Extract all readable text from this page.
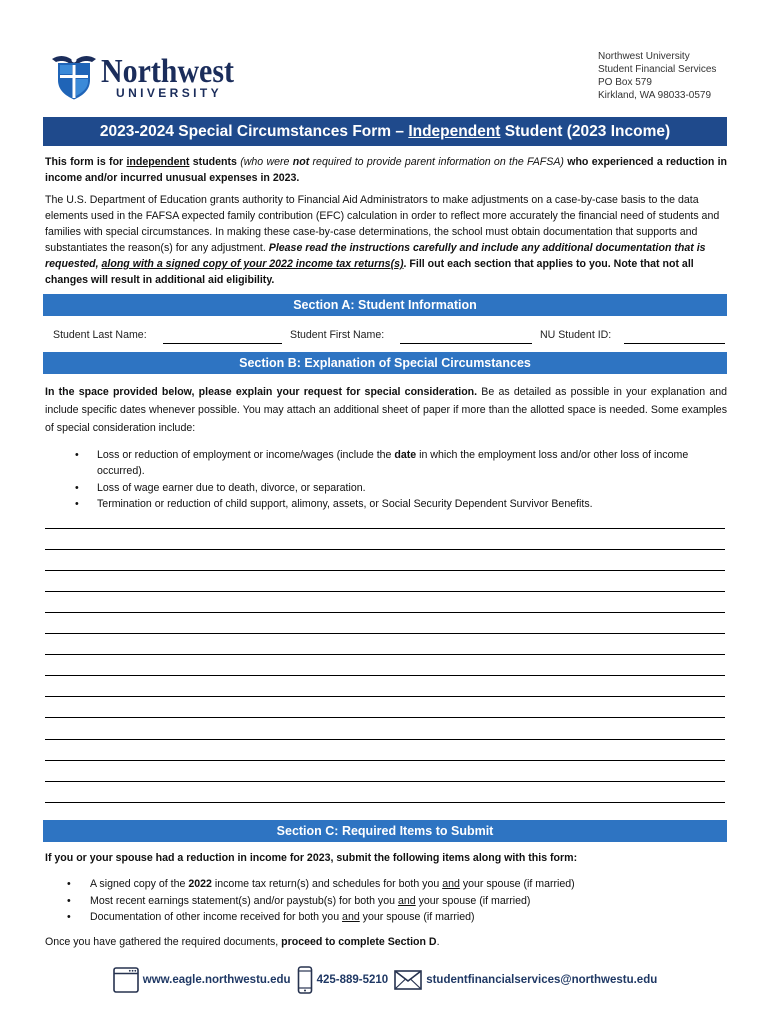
Northwest
UNIVERSITY
Northwest University
Student Financial Services
PO Box 579
Kirkland, WA 98033-0579
2023-2024 Special Circumstances Form – Independent Student (2023 Income)

This form is for independent students (who were not required to provide parent information on the FAFSA) who experienced a reduction in income and/or incurred unusual expenses in 2023.

The U.S. Department of Education grants authority to Financial Aid Administrators to make adjustments on a case-by-case basis to the data elements used in the FAFSA expected family contribution (EFC) calculation in order to reflect more accurately the financial need of students and families with special circumstances. In making these case-by-case determinations, the school must obtain documentation that supports and substantiates the reason(s) for any adjustment. Please read the instructions carefully and include any additional documentation that is requested, along with a signed copy of your 2022 income tax returns(s). Fill out each section that applies to you. Note that not all changes will result in additional aid eligibility.

Section A: Student Information
Student Last Name:	Student First Name:	NU Student ID:
Section B: Explanation of Special Circumstances

In the space provided below, please explain your request for special consideration. Be as detailed as possible in your explanation and include specific dates whenever possible. You may attach an additional sheet of paper if more than the allotted space is needed. Some examples of special consideration include:

•
Loss or reduction of employment or income/wages (include the date in which the employment loss and/or other loss of income occurred).
•
Loss of wage earner due to death, divorce, or separation.
•
Termination or reduction of child support, alimony, assets, or Social Security Dependent Survivor Benefits.
Section C: Required Items to Submit

If you or your spouse had a reduction in income for 2023, submit the following items along with this form:

•
A signed copy of the 2022 income tax return(s) and schedules for both you and your spouse (if married)
•
Most recent earnings statement(s) and/or paystub(s) for both you and your spouse (if married)
•
Documentation of other income received for both you and your spouse (if married)

Once you have gathered the required documents, proceed to complete Section D.

www.eagle.northwestu.edu 425-889-5210	studentfinancialservices@northwestu.edu
